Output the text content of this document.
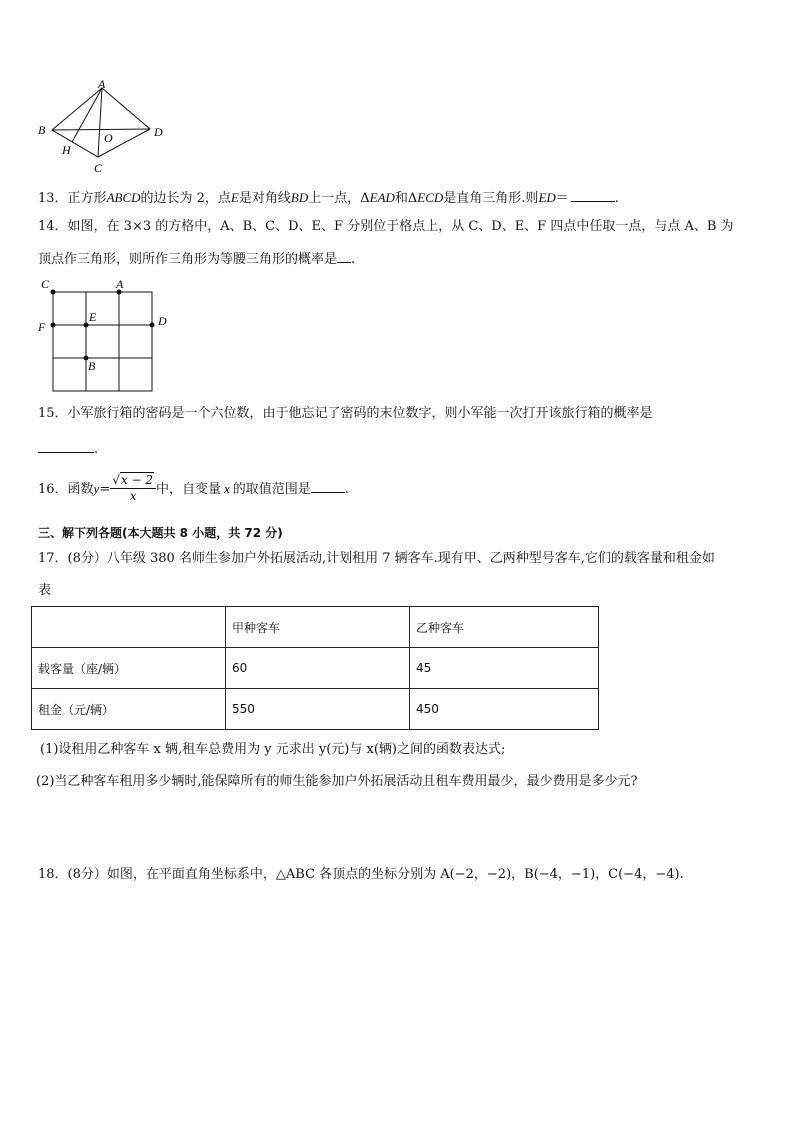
A
B
C
D
O
H
13．正方形ABCD的边长为 2，点E是对角线BD上一点，ΔEAD和ΔECD是直角三角形.则ED＝	.
14．如图，在 3×3 的方格中，A、B、C、D、E、F 分别位于格点上，从 C、D、E、F 四点中任取一点，与点 A、B 为
顶点作三角形，则所作三角形为等腰三角形的概率是 .
C	A
F
E	D
B
15．小军旅行箱的密码是一个六位数，由于他忘记了密码的末位数字，则小军能一次打开该旅行箱的概率是
.
16．函数$y= \frac{√x - 2}{x}$ 中，自变量 x 的取值范围是	.
三、解下列各题(本大题共 8 小题，共 72 分)
17．(8分）八年级 380 名师生参加户外拓展活动,计划租用 7 辆客车.现有甲、乙两种型号客车,它们的载客量和租金如
表
	甲种客车	乙种客车
载客量（座/辆）	60	45
租金（元/辆）	550	450
(1)设租用乙种客车 x 辆,租车总费用为 y 元求出 y(元)与 x(辆)之间的函数表达式;
(2)当乙种客车租用多少辆时,能保障所有的师生能参加户外拓展活动且租车费用最少，最少费用是多少元?
18．(8分）如图，在平面直角坐标系中，△ABC 各顶点的坐标分别为 A(−2，−2)，B(−4，−1)，C(−4，−4).
